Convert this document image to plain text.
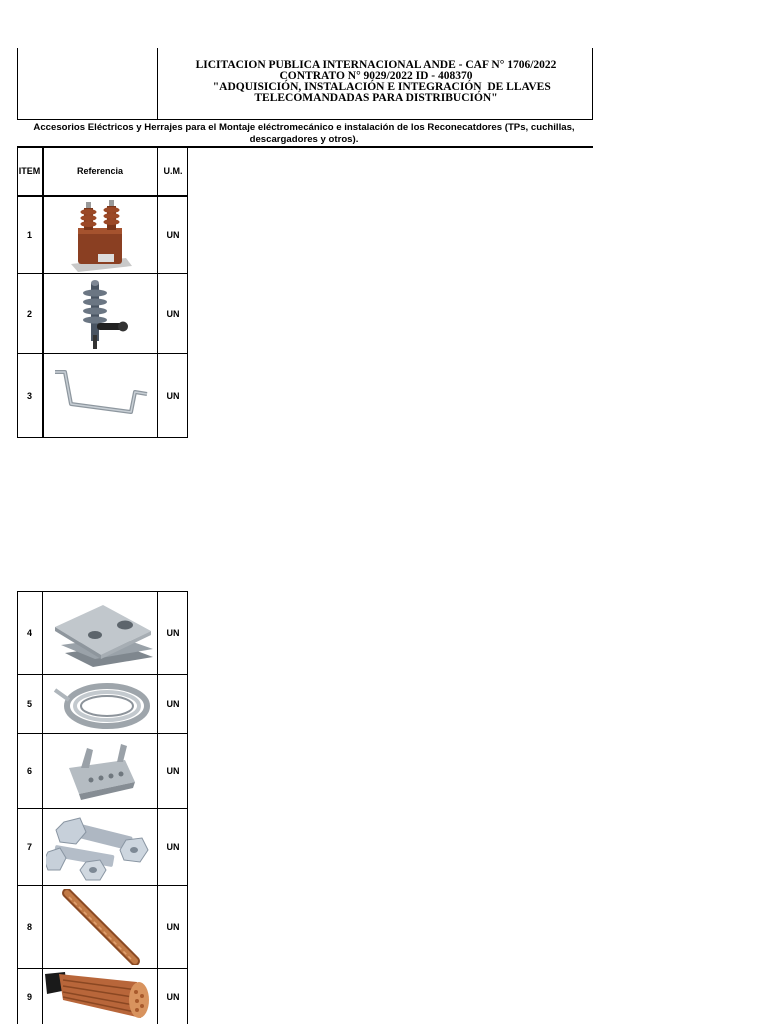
LICITACION PUBLICA INTERNACIONAL ANDE - CAF N° 1706/2022
CONTRATO N° 9029/2022 ID - 408370
"ADQUISICIÓN, INSTALACIÓN E INTEGRACIÓN  DE LLAVES
TELECOMANDADAS PARA DISTRIBUCIÓN"
Accesorios Eléctricos y Herrajes para el Montaje eléctromecánico e instalación de los Reconecatdores (TPs, cuchillas,
descargadores y otros).
ITEM	Referencia	U.M.
1	UN
2	UN
3	UN
4	UN
5	UN
6	UN
7	UN
8	UN
9	UN
